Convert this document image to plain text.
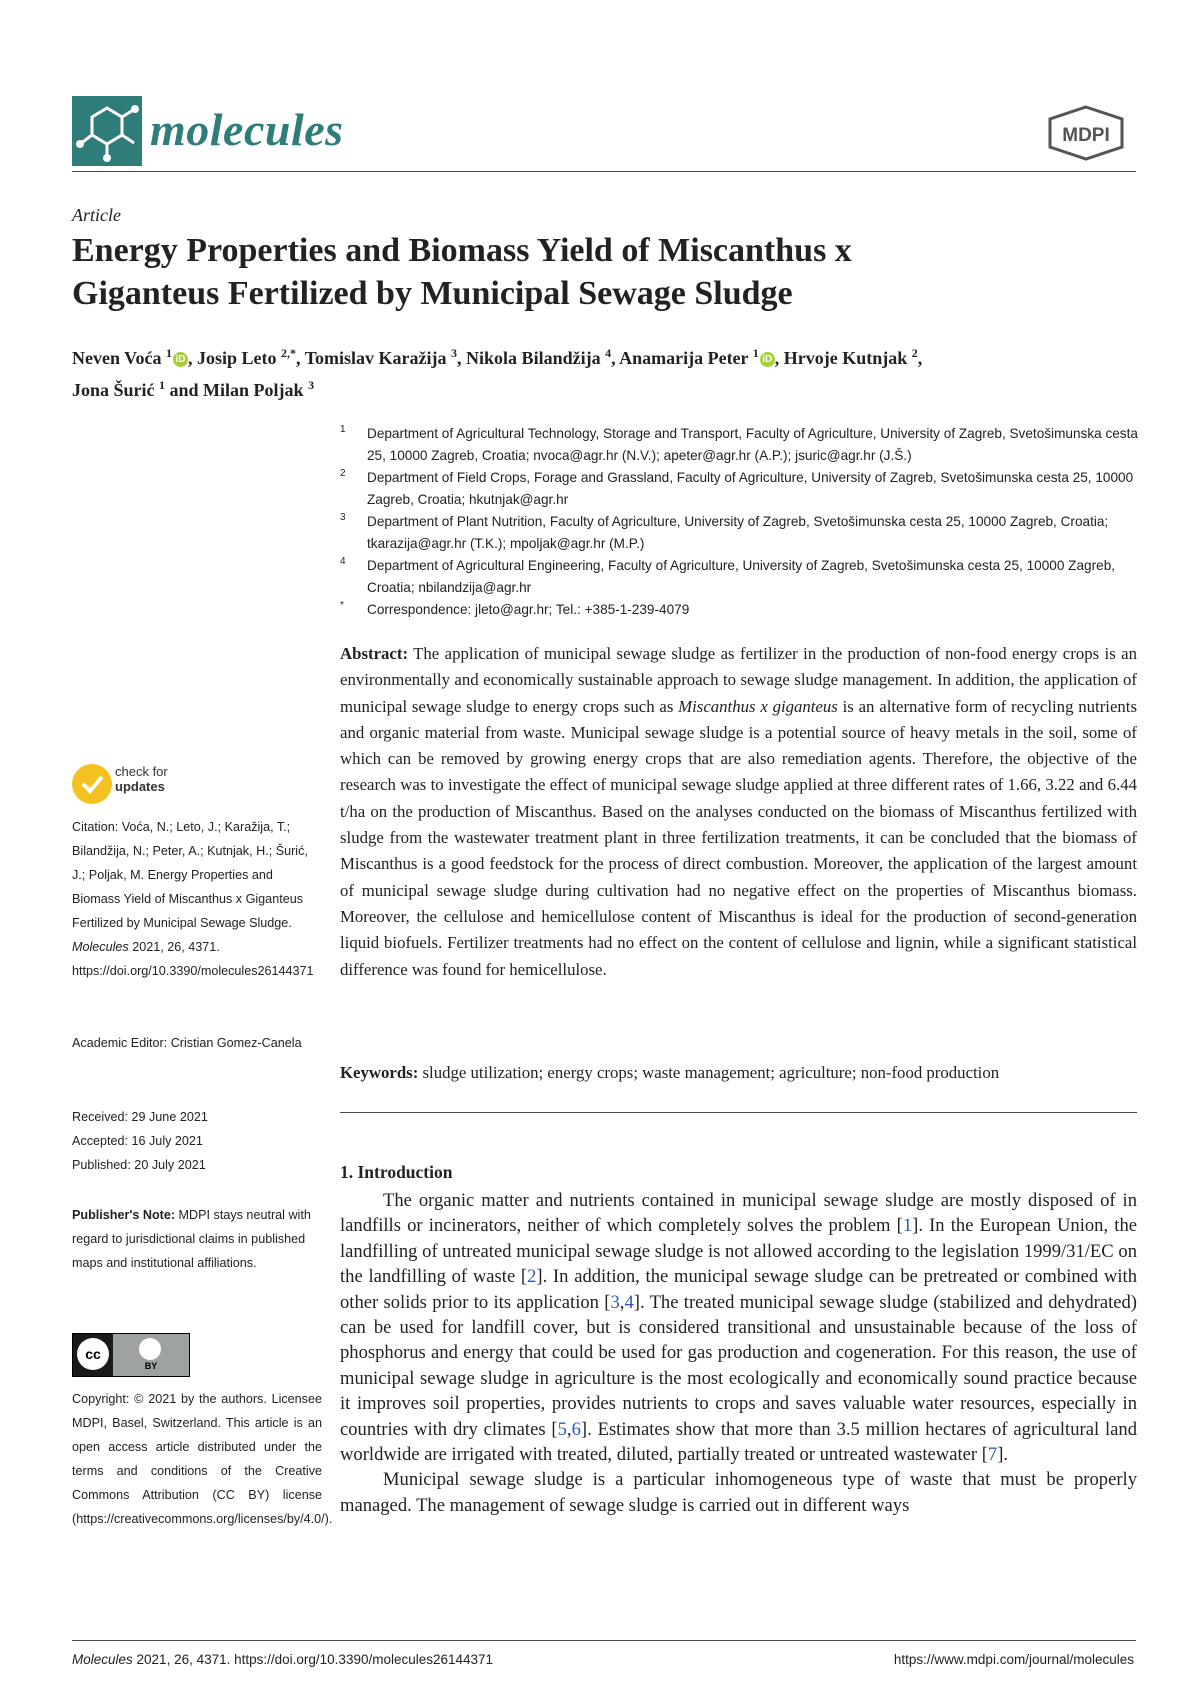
molecules	MDPI
Article
Energy Properties and Biomass Yield of Miscanthus x
Giganteus Fertilized by Municipal Sewage Sludge
Neven Voća $^1$ iD , Josip Leto $^{2,*}$, Tomislav Karažija $^3$, Nikola Bilandžija $^4$, Anamarija Peter $^1$ iD , Hrvoje Kutnjak $^2$,
Jona Šurić $^1$ and Milan Poljak $^3$
1 Department of Agricultural Technology, Storage and Transport, Faculty of Agriculture, University of Zagreb, Svetošimunska cesta 25, 10000 Zagreb, Croatia; nvoca@agr.hr (N.V.); apeter@agr.hr (A.P.); jsuric@agr.hr (J.Š.)
2 Department of Field Crops, Forage and Grassland, Faculty of Agriculture, University of Zagreb, Svetošimunska cesta 25, 10000 Zagreb, Croatia; hkutnjak@agr.hr
3 Department of Plant Nutrition, Faculty of Agriculture, University of Zagreb, Svetošimunska cesta 25, 10000 Zagreb, Croatia; tkarazija@agr.hr (T.K.); mpoljak@agr.hr (M.P.)
4 Department of Agricultural Engineering, Faculty of Agriculture, University of Zagreb, Svetošimunska cesta 25, 10000 Zagreb, Croatia; nbilandzija@agr.hr
* Correspondence: jleto@agr.hr; Tel.: +385-1-239-4079
Abstract: The application of municipal sewage sludge as fertilizer in the production of non-food energy crops is an environmentally and economically sustainable approach to sewage sludge management. In addition, the application of municipal sewage sludge to energy crops such as Miscanthus x giganteus is an alternative form of recycling nutrients and organic material from waste. Municipal sewage sludge is a potential source of heavy metals in the soil, some of which can be removed by growing energy crops that are also remediation agents. Therefore, the objective of the research was to investigate the effect of municipal sewage sludge applied at three different rates of 1.66, 3.22 and 6.44 t/ha on the production of Miscanthus. Based on the analyses conducted on the biomass of Miscanthus fertilized with sludge from the wastewater treatment plant in three fertilization treatments, it can be concluded that the biomass of Miscanthus is a good feedstock for the process of direct combustion. Moreover, the application of the largest amount of municipal sewage sludge during cultivation had no negative effect on the properties of Miscanthus biomass. Moreover, the cellulose and hemicellulose content of Miscanthus is ideal for the production of second-generation liquid biofuels. Fertilizer treatments had no effect on the content of cellulose and lignin, while a significant statistical difference was found for hemicellulose.
Keywords: sludge utilization; energy crops; waste management; agriculture; non-food production
check for
updates
Citation: Voća, N.; Leto, J.; Karažija, T.; Bilandžija, N.; Peter, A.; Kutnjak, H.; Šurić, J.; Poljak, M. Energy Properties and Biomass Yield of Miscanthus x Giganteus Fertilized by Municipal Sewage Sludge. Molecules 2021, 26, 4371. https://doi.org/10.3390/molecules26144371
Academic Editor: Cristian Gomez-Canela
Received: 29 June 2021
Accepted: 16 July 2021
Published: 20 July 2021
Publisher's Note: MDPI stays neutral with regard to jurisdictional claims in published maps and institutional affiliations.
cc
BY
Copyright: © 2021 by the authors. Licensee MDPI, Basel, Switzerland. This article is an open access article distributed under the terms and conditions of the Creative Commons Attribution (CC BY) license (https://creativecommons.org/licenses/by/4.0/).
1. Introduction

The organic matter and nutrients contained in municipal sewage sludge are mostly disposed of in landfills or incinerators, neither of which completely solves the problem [1]. In the European Union, the landfilling of untreated municipal sewage sludge is not allowed according to the legislation 1999/31/EC on the landfilling of waste [2]. In addition, the municipal sewage sludge can be pretreated or combined with other solids prior to its application [3,4]. The treated municipal sewage sludge (stabilized and dehydrated) can be used for landfill cover, but is considered transitional and unsustainable because of the loss of phosphorus and energy that could be used for gas production and cogeneration. For this reason, the use of municipal sewage sludge in agriculture is the most ecologically and economically sound practice because it improves soil properties, provides nutrients to crops and saves valuable water resources, especially in countries with dry climates [5,6]. Estimates show that more than 3.5 million hectares of agricultural land worldwide are irrigated with treated, diluted, partially treated or untreated wastewater [7].

Municipal sewage sludge is a particular inhomogeneous type of waste that must be properly managed. The management of sewage sludge is carried out in different ways

Molecules 2021, 26, 4371. https://doi.org/10.3390/molecules26144371	https://www.mdpi.com/journal/molecules
